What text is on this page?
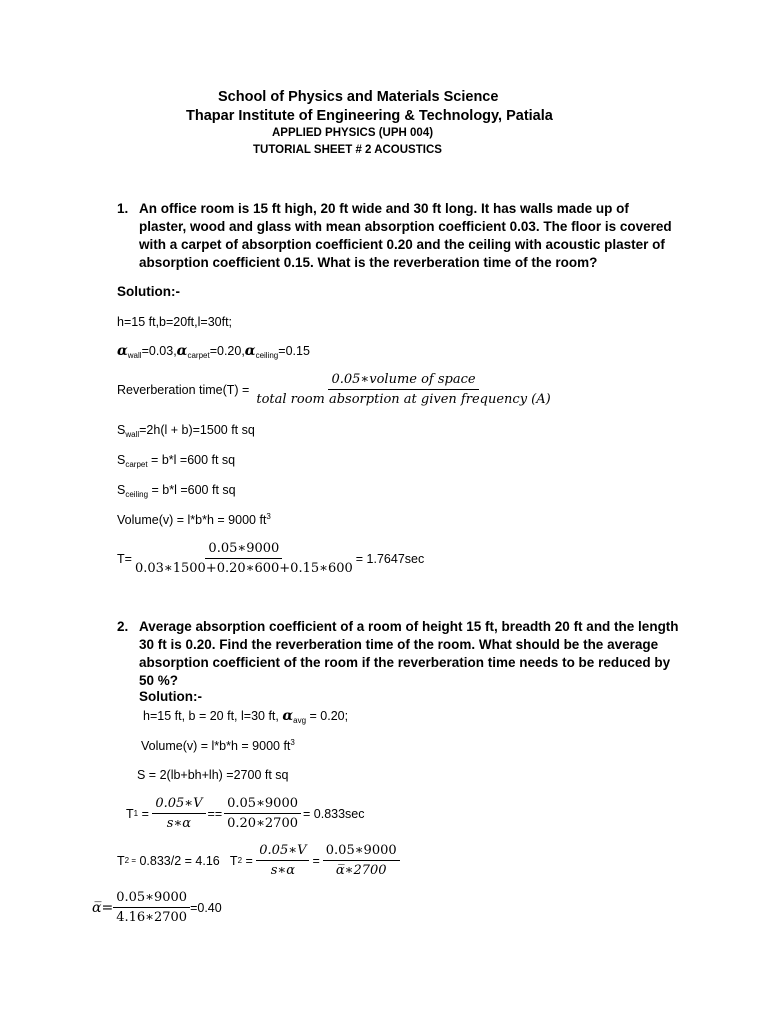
School of Physics and Materials Science
Thapar Institute of Engineering & Technology, Patiala
APPLIED PHYSICS (UPH 004)
TUTORIAL SHEET # 2 ACOUSTICS
1. An office room is 15 ft high, 20 ft wide and 30 ft long. It has walls made up of plaster, wood and glass with mean absorption coefficient 0.03. The floor is covered with a carpet of absorption coefficient 0.20 and the ceiling with acoustic plaster of absorption coefficient 0.15. What is the reverberation time of the room?
Solution:-
h=15 ft,b=20ft,l=30ft;
$\alpha_{wall}=0.03,\alpha_{carpet}=0.20,\alpha_{ceiling}=0.15$
Reverberation time(T) = $\frac{\text{0.05∗volume of space}}{\text{total room absorption at given frequency (A)}}$
$S_{wall}=2h(l + b)=1500$ ft sq
$S_{carpet} = b*l =600$ ft sq
$S_{ceiling} = b*l =600$ ft sq
Volume(v) = l*b*h = 9000 $ft^3$
$T= \frac{0.05∗9000}{0.03∗1500+0.20∗600+0.15∗600} = 1.7647\sec$
2. Average absorption coefficient of a room of height 15 ft, breadth 20 ft and the length 30 ft is 0.20. Find the reverberation time of the room. What should be the average absorption coefficient of the room if the reverberation time needs to be reduced by 50 %?
Solution:-
h=15 ft, b = 20 ft, l=30 ft, $\alpha_{avg} = 0.20$;
Volume(v) = l*b*h = 9000 $ft^3$
S = 2(lb+bh+lh) =2700 ft sq
T $1 = \frac{0.05∗V}{s∗\alpha} == \frac{0.05∗9000}{0.20∗2700} = 0.833\sec$
T 2 = 0.833/2 = 4.16   T $2 = \frac{0.05∗V}{s∗\alpha} = \frac{0.05∗9000}{\alpha̅∗2700}$
α̅= $\frac{0.05∗9000}{4.16∗2700} =0.40$
